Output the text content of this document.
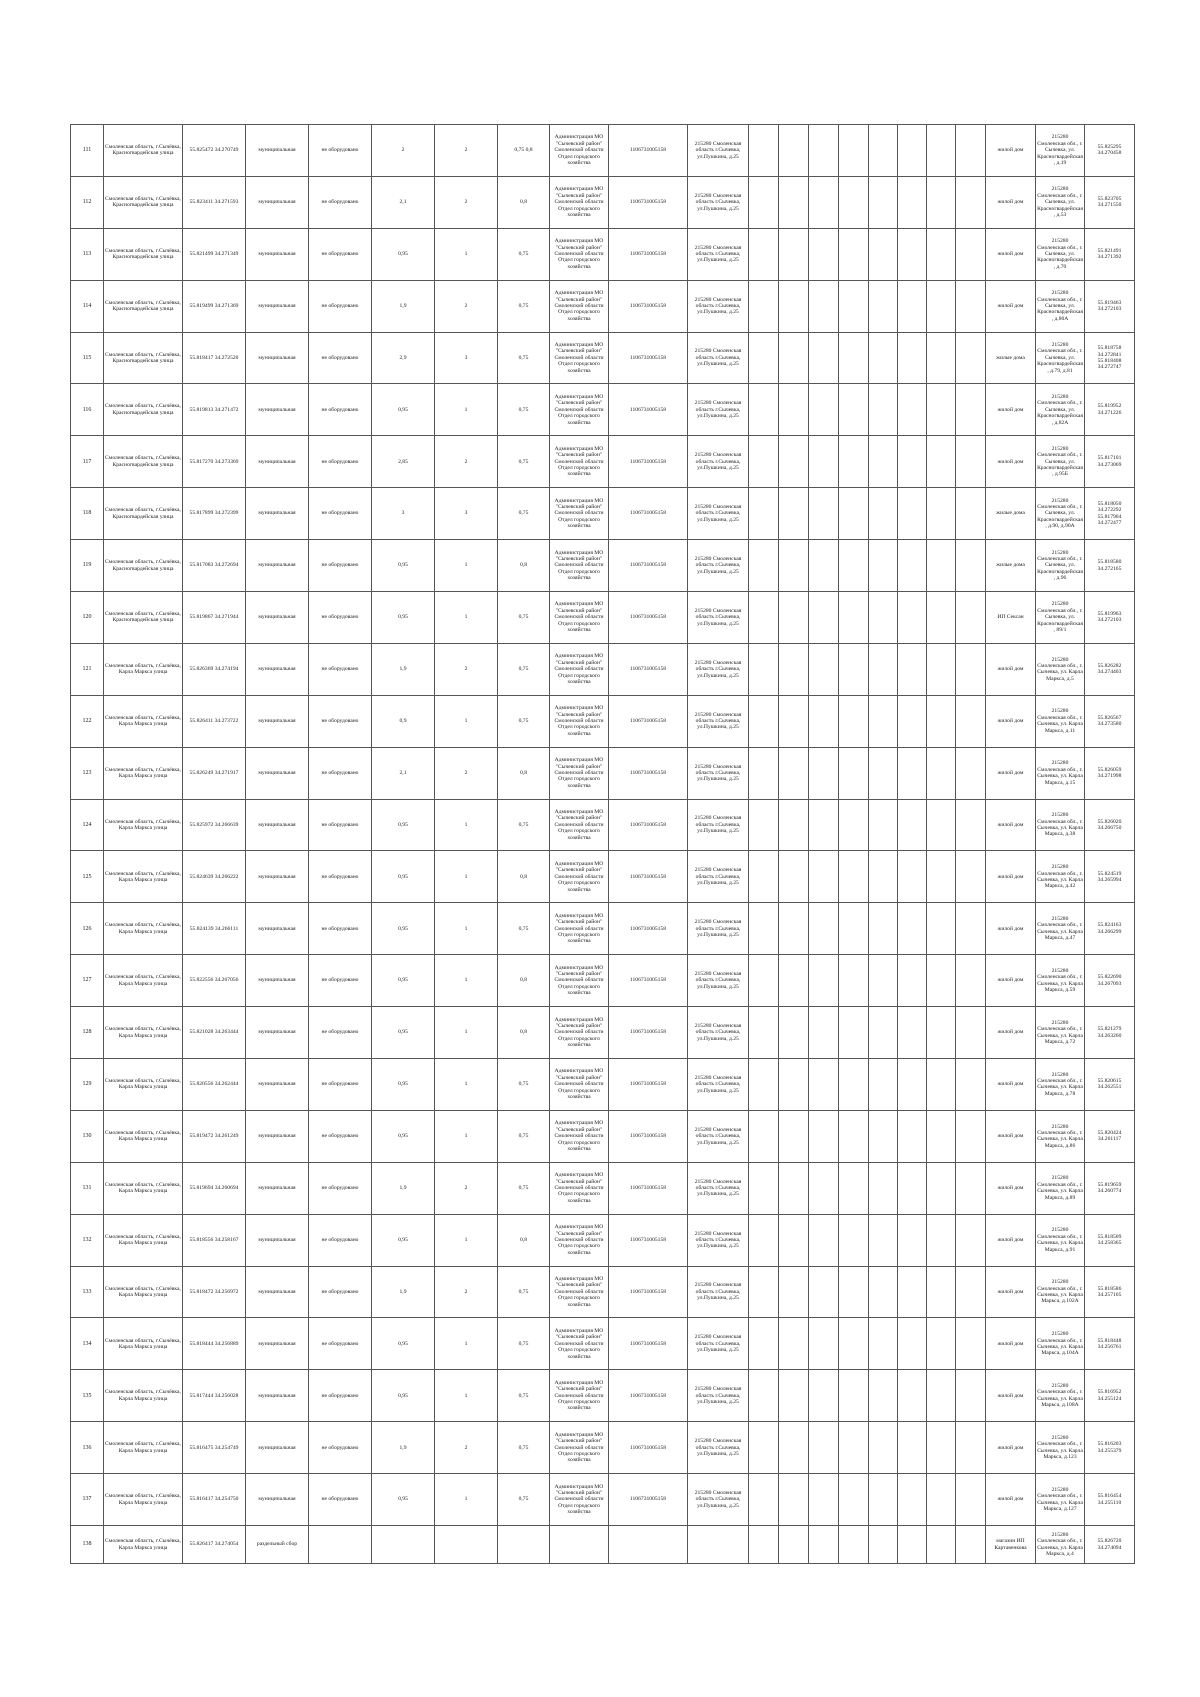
111	Смоленская область, г.Сычёвка, Красногвардейская улица	55.825472 34.270749	муниципальная	не оборудовано	2	2	0,75 0,8	Администрация МО "Сычевский район" Смоленской области Отдел городского хозяйства	1106731005158	215280 Смоленская область г.Сычевка, ул.Пушкина, д.25									жилой дом	215280 Смоленская обл., г. Сычевка, ул. Красногвардейская, д.19	55.825295 34.270458
112	Смоленская область, г.Сычёвка, Красногвардейская улица	55.823411 34.271593	муниципальная	не оборудовано	2,1	2	0,8	Администрация МО "Сычевский район" Смоленской области Отдел городского хозяйства	1106731005158	215280 Смоленская область г.Сычевка, ул.Пушкина, д.25									жилой дом	215280 Смоленская обл., г. Сычевка, ул. Красногвардейская, д.53	55.823705 34.271550
113	Смоленская область, г.Сычёвка, Красногвардейская улица	55.821499 34.271349	муниципальная	не оборудовано	0,95	1	0,75	Администрация МО "Сычевский район" Смоленской области Отдел городского хозяйства	1106731005158	215280 Смоленская область г.Сычевка, ул.Пушкина, д.25									жилой дом	215280 Смоленская обл., г. Сычевка, ул. Красногвардейская, д.70	55.821491 34.271392
114	Смоленская область, г.Сычёвка, Красногвардейская улица	55.819499 34.271369	муниципальная	не оборудовано	1,9	2	0,75	Администрация МО "Сычевский район" Смоленской области Отдел городского хозяйства	1106731005158	215280 Смоленская область г.Сычевка, ул.Пушкина, д.25									жилой дом	215280 Смоленская обл., г. Сычевка, ул. Красногвардейская, д.80А	55.819463 34.272103
115	Смоленская область, г.Сычёвка, Красногвардейская улица	55.818417 34.272520	муниципальная	не оборудовано	2,9	3	0,75	Администрация МО "Сычевский район" Смоленской области Отдел городского хозяйства	1106731005158	215280 Смоленская область г.Сычевка, ул.Пушкина, д.25									жилые дома	215280 Смоленская обл., г. Сычевка, ул. Красногвардейская, д.79, д.81	55.818758 34.272841 55.818408 34.272747
116	Смоленская область, г.Сычёвка, Красногвардейская улица	55.819813 34.271472	муниципальная	не оборудовано	0,95	1	0,75	Администрация МО "Сычевский район" Смоленской области Отдел городского хозяйства	1106731005158	215280 Смоленская область г.Сычевка, ул.Пушкина, д.25									жилой дом	215280 Смоленская обл., г. Сычевка, ул. Красногвардейская, д.82А	55.819952 34.271226
117	Смоленская область, г.Сычёвка, Красногвардейская улица	55.817270 34.273369	муниципальная	не оборудовано	2,85	2	0,75	Администрация МО "Сычевский район" Смоленской области Отдел городского хозяйства	1106731005158	215280 Смоленская область г.Сычевка, ул.Пушкина, д.25									жилой дом	215280 Смоленская обл., г. Сычевка, ул. Красногвардейская, д.95Б	55.817101 34.273069
118	Смоленская область, г.Сычёвка, Красногвардейская улица	55.817899 34.272399	муниципальная	не оборудовано	3	3	0,75	Администрация МО "Сычевский район" Смоленской области Отдел городского хозяйства	1106731005158	215280 Смоленская область г.Сычевка, ул.Пушкина, д.25									жилые дома	215280 Смоленская обл., г. Сычевка, ул. Красногвардейская, д.90, д.90А	55.818050 34.272292 55.817904 34.272477
119	Смоленская область, г.Сычёвка, Красногвардейская улица	55.817083 34.272694	муниципальная	не оборудовано	0,95	1	0,8	Администрация МО "Сычевский район" Смоленской области Отдел городского хозяйства	1106731005158	215280 Смоленская область г.Сычевка, ул.Пушкина, д.25									жилые дома	215280 Смоленская обл., г. Сычевка, ул. Красногвардейская, д.96	55.818580 34.272165
120	Смоленская область, г.Сычёвка, Красногвардейская улица	55.819867 34.271944	муниципальная	не оборудовано	0,95	1	0,75	Администрация МО "Сычевский район" Смоленской области Отдел городского хозяйства	1106731005158	215280 Смоленская область г.Сычевка, ул.Пушкина, д.25									ИП Сексан	215280 Смоленская обл., г. Сычевка, ул. Красногвардейская, 89/1	55.819963 34.272103
121	Смоленская область, г.Сычёвка, Карла Маркса улица	55.826369 34.274194	муниципальная	не оборудовано	1,9	2	0,75	Администрация МО "Сычевский район" Смоленской области Отдел городского хозяйства	1106731005158	215280 Смоленская область г.Сычевка, ул.Пушкина, д.25									жилой дом	215280 Смоленская обл., г. Сычевка, ул. Карла Маркса, д.5	55.826282 34.274403
122	Смоленская область, г.Сычёвка, Карла Маркса улица	55.826411 34.273722	муниципальная	не оборудовано	0,9	1	0,75	Администрация МО "Сычевский район" Смоленской области Отдел городского хозяйства	1106731005158	215280 Смоленская область г.Сычевка, ул.Пушкина, д.25									жилой дом	215280 Смоленская обл., г. Сычевка, ул. Карла Маркса, д.11	55.826567 34.273580
123	Смоленская область, г.Сычёвка, Карла Маркса улица	55.826249 34.271917	муниципальная	не оборудовано	2,1	2	0,8	Администрация МО "Сычевский район" Смоленской области Отдел городского хозяйства	1106731005158	215280 Смоленская область г.Сычевка, ул.Пушкина, д.25									жилой дом	215280 Смоленская обл., г. Сычевка, ул. Карла Маркса, д.15	55.826059 34.271998
124	Смоленская область, г.Сычёвка, Карла Маркса улица	55.825972 34.266639	муниципальная	не оборудовано	0,95	1	0,75	Администрация МО "Сычевский район" Смоленской области Отдел городского хозяйства	1106731005158	215280 Смоленская область г.Сычевка, ул.Пушкина, д.25									жилой дом	215280 Смоленская обл., г. Сычевка, ул. Карла Маркса, д.38	55.826020 34.266750
125	Смоленская область, г.Сычёвка, Карла Маркса улица	55.824639 34.266222	муниципальная	не оборудовано	0,95	1	0,8	Администрация МО "Сычевский район" Смоленской области Отдел городского хозяйства	1106731005158	215280 Смоленская область г.Сычевка, ул.Пушкина, д.25									жилой дом	215280 Смоленская обл., г. Сычевка, ул. Карла Маркса, д.42	55.824519 34.265994
126	Смоленская область, г.Сычёвка, Карла Маркса улица	55.824139 34.266111	муниципальная	не оборудовано	0,95	1	0,75	Администрация МО "Сычевский район" Смоленской области Отдел городского хозяйства	1106731005158	215280 Смоленская область г.Сычевка, ул.Пушкина, д.25									жилой дом	215280 Смоленская обл., г. Сычевка, ул. Карла Маркса, д.47	55.824163 34.266299
127	Смоленская область, г.Сычёвка, Карла Маркса улица	55.822556 34.267056	муниципальная	не оборудовано	0,95	1	0,8	Администрация МО "Сычевский район" Смоленской области Отдел городского хозяйства	1106731005158	215280 Смоленская область г.Сычевка, ул.Пушкина, д.25									жилой дом	215280 Смоленская обл., г. Сычевка, ул. Карла Маркса, д.59	55.822690 34.267093
128	Смоленская область, г.Сычёвка, Карла Маркса улица	55.821028 34.263444	муниципальная	не оборудовано	0,95	1	0,8	Администрация МО "Сычевский район" Смоленской области Отдел городского хозяйства	1106731005158	215280 Смоленская область г.Сычевка, ул.Пушкина, д.25									жилой дом	215280 Смоленская обл., г. Сычевка, ул. Карла Маркса, д.72	55.821279 34.263260
129	Смоленская область, г.Сычёвка, Карла Маркса улица	55.820556 34.262444	муниципальная	не оборудовано	0,95	1	0,75	Администрация МО "Сычевский район" Смоленской области Отдел городского хозяйства	1106731005158	215280 Смоленская область г.Сычевка, ул.Пушкина, д.25									жилой дом	215280 Смоленская обл., г. Сычевка, ул. Карла Маркса, д.78	55.820615 34.262551
130	Смоленская область, г.Сычёвка, Карла Маркса улица	55.819472 34.261249	муниципальная	не оборудовано	0,95	1	0,75	Администрация МО "Сычевский район" Смоленской области Отдел городского хозяйства	1106731005158	215280 Смоленская область г.Сычевка, ул.Пушкина, д.25									жилой дом	215280 Смоленская обл., г. Сычевка, ул. Карла Маркса, д.86	55.820424 34.261117
131	Смоленская область, г.Сычёвка, Карла Маркса улица	55.819694 34.260694	муниципальная	не оборудовано	1,9	2	0,75	Администрация МО "Сычевский район" Смоленской области Отдел городского хозяйства	1106731005158	215280 Смоленская область г.Сычевка, ул.Пушкина, д.25									жилой дом	215280 Смоленская обл., г. Сычевка, ул. Карла Маркса, д.89	55.819659 34.260774
132	Смоленская область, г.Сычёвка, Карла Маркса улица	55.818556 34.258167	муниципальная	не оборудовано	0,95	1	0,8	Администрация МО "Сычевский район" Смоленской области Отдел городского хозяйства	1106731005158	215280 Смоленская область г.Сычевка, ул.Пушкина, д.25									жилой дом	215280 Смоленская обл., г. Сычевка, ул. Карла Маркса, д.91	55.818509 34.258365
133	Смоленская область, г.Сычёвка, Карла Маркса улица	55.818472 34.256972	муниципальная	не оборудовано	1,9	2	0,75	Администрация МО "Сычевский район" Смоленской области Отдел городского хозяйства	1106731005158	215280 Смоленская область г.Сычевка, ул.Пушкина, д.25									жилой дом	215280 Смоленская обл., г. Сычевка, ул. Карла Маркса, д.102А	55.818586 34.257105
134	Смоленская область, г.Сычёвка, Карла Маркса улица	55.818444 34.256889	муниципальная	не оборудовано	0,95	1	0,75	Администрация МО "Сычевский район" Смоленской области Отдел городского хозяйства	1106731005158	215280 Смоленская область г.Сычевка, ул.Пушкина, д.25									жилой дом	215280 Смоленская обл., г. Сычевка, ул. Карла Маркса, д.104А	55.818448 34.256761
135	Смоленская область, г.Сычёвка, Карла Маркса улица	55.817444 34.256028	муниципальная	не оборудовано	0,95	1	0,75	Администрация МО "Сычевский район" Смоленской области Отдел городского хозяйства	1106731005158	215280 Смоленская область г.Сычевка, ул.Пушкина, д.25									жилой дом	215280 Смоленская обл., г. Сычевка, ул. Карла Маркса, д.108А	55.816952 34.255124
136	Смоленская область, г.Сычёвка, Карла Маркса улица	55.816475 34.254749	муниципальная	не оборудовано	1,9	2	0,75	Администрация МО "Сычевский район" Смоленской области Отдел городского хозяйства	1106731005158	215280 Смоленская область г.Сычевка, ул.Пушкина, д.25									жилой дом	215280 Смоленская обл., г. Сычевка, ул. Карла Маркса, д.123	55.816203 34.255379
137	Смоленская область, г.Сычёвка, Карла Маркса улица	55.816417 34.254750	муниципальная	не оборудовано	0,95	1	0,75	Администрация МО "Сычевский район" Смоленской области Отдел городского хозяйства	1106731005158	215280 Смоленская область г.Сычевка, ул.Пушкина, д.25									жилой дом	215280 Смоленская обл., г. Сычевка, ул. Карла Маркса, д.127	55.816454 34.255110
138	Смоленская область, г.Сычёвка, Карла Маркса улица	55.826417 34.274054	раздельный сбор																магазин ИП Картавенкова	215280 Смоленская обл., г. Сычевка, ул. Карла Маркса, д.4	55.826720 34.274094
